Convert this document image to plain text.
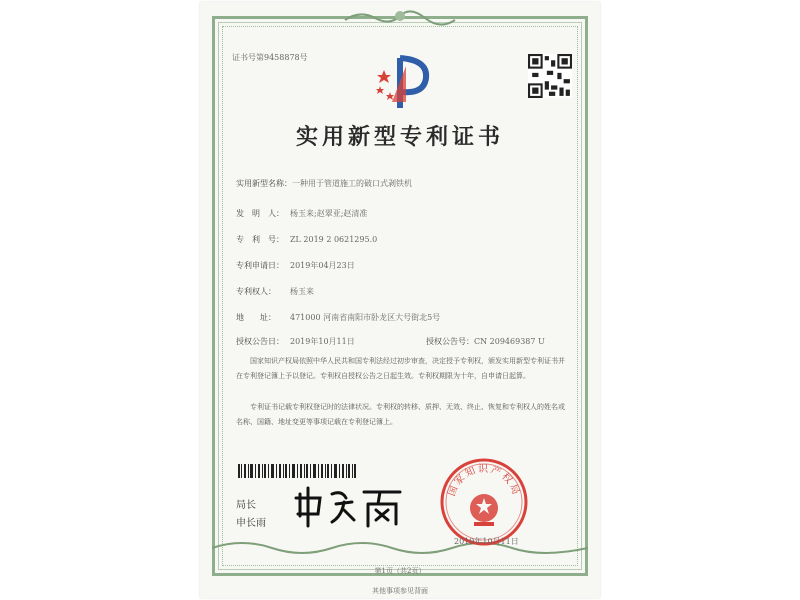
证书号第9458878号
实用新型专利证书
实用新型名称：一种用于管道施工的破口式剥铁机
发　明　人： 杨玉来;赵翠亚;赵清准
专　利　号： ZL 2019 2 0621295.0
专利申请日： 2019年04月23日
专利权人： 杨玉来
地　　址： 471000 河南省南阳市卧龙区大号街北5号
授权公告日： 2019年10月11日	授权公告号：CN 209469387 U
国家知识产权局依照中华人民共和国专利法经过初步审查，决定授予专利权，颁发实用新型专利证书并在专利登记簿上予以登记。专利权自授权公告之日起生效。专利权期限为十年，自申请日起算。
专利证书记载专利权登记时的法律状况。专利权的转移、质押、无效、终止、恢复和专利权人的姓名或名称、国籍、地址变更等事项记载在专利登记簿上。
局长
申长雨
国家知识产权局
2019年10月11日
第1页（共2页）
其他事项参见背面
